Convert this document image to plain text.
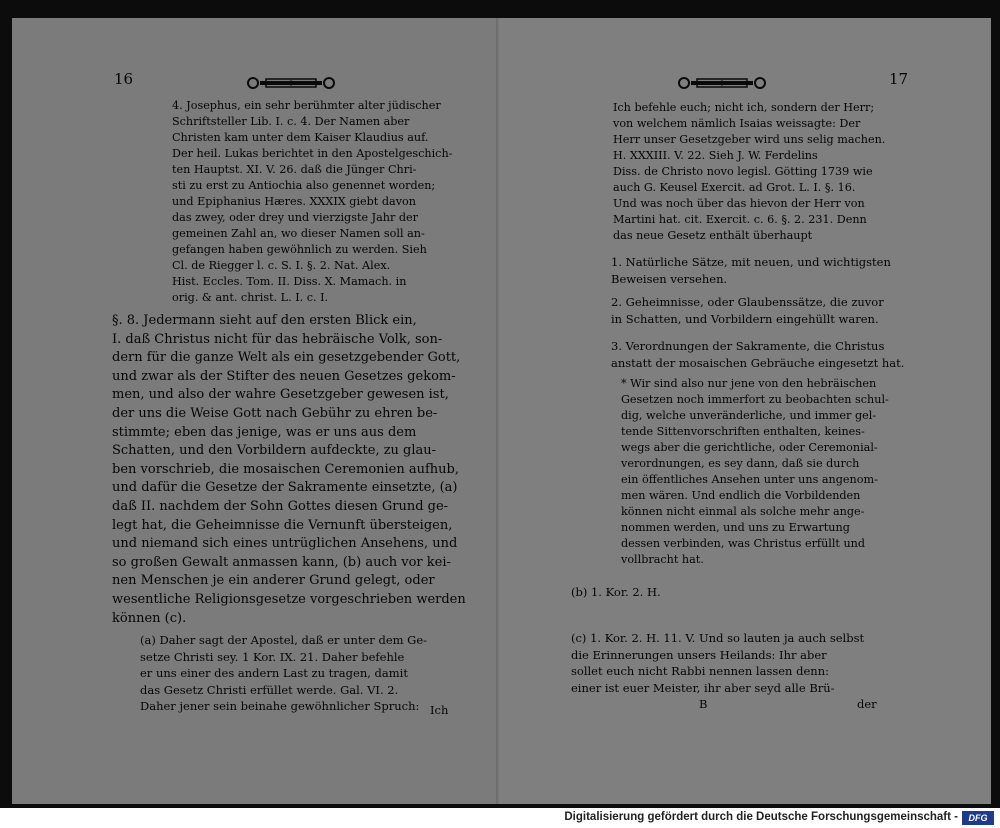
16
4. Josephus, ein sehr berühmter alter jüdischer
Schriftsteller Lib. I. c. 4. Der Namen aber
Christen kam unter dem Kaiser Klaudius auf.
Der heil. Lukas berichtet in den Apostelgeschich-
ten Hauptst. XI. V. 26. daß die Jünger Chri-
sti zu erst zu Antiochia also genennet worden;
und Epiphanius Hæres. XXXIX giebt davon
das zwey, oder drey und vierzigste Jahr der
gemeinen Zahl an, wo dieser Namen soll an-
gefangen haben gewöhnlich zu werden. Sieh
Cl. de Riegger l. c. S. I. §. 2. Nat. Alex.
Hist. Eccles. Tom. II. Diss. X. Mamach. in
orig. & ant. christ. L. I. c. I.
§. 8. Jedermann sieht auf den ersten Blick ein,
I. daß Christus nicht für das hebräische Volk, son-
dern für die ganze Welt als ein gesetzgebender Gott,
und zwar als der Stifter des neuen Gesetzes gekom-
men, und also der wahre Gesetzgeber gewesen ist,
der uns die Weise Gott nach Gebühr zu ehren be-
stimmte; eben das jenige, was er uns aus dem
Schatten, und den Vorbildern aufdeckte, zu glau-
ben vorschrieb, die mosaischen Ceremonien aufhub,
und dafür die Gesetze der Sakramente einsetzte, (a)
daß II. nachdem der Sohn Gottes diesen Grund ge-
legt hat, die Geheimnisse die Vernunft übersteigen,
und niemand sich eines untrüglichen Ansehens, und
so großen Gewalt anmassen kann, (b) auch vor kei-
nen Menschen je ein anderer Grund gelegt, oder
wesentliche Religionsgesetze vorgeschrieben werden
können (c).
(a) Daher sagt der Apostel, daß er unter dem Ge-
setze Christi sey. 1 Kor. IX. 21. Daher befehle
er uns einer des andern Last zu tragen, damit
das Gesetz Christi erfüllet werde. Gal. VI. 2.
Daher jener sein beinahe gewöhnlicher Spruch: Ich
17
Ich befehle euch; nicht ich, sondern der Herr;
von welchem nämlich Isaias weissagte: Der
Herr unser Gesetzgeber wird uns selig machen.
H. XXXIII. V. 22. Sieh J. W. Ferdelins
Diss. de Christo novo legisl. Götting 1739 wie
auch G. Keusel Exercit. ad Grot. L. I. §. 16.
Und was noch über das hievon der Herr von
Martini hat. cit. Exercit. c. 6. §. 2. 231. Denn
das neue Gesetz enthält überhaupt
1. Natürliche Sätze, mit neuen, und wichtigsten
Beweisen versehen.
2. Geheimnisse, oder Glaubenssätze, die zuvor
in Schatten, und Vorbildern eingehüllt waren.
3. Verordnungen der Sakramente, die Christus
anstatt der mosaischen Gebräuche eingesetzt hat.
* Wir sind also nur jene von den hebräischen
Gesetzen noch immerfort zu beobachten schul-
dig, welche unveränderliche, und immer gel-
tende Sittenvorschriften enthalten, keines-
wegs aber die gerichtliche, oder Ceremonial-
verordnungen, es sey dann, daß sie durch
ein öffentliches Ansehen unter uns angenom-
men wären. Und endlich die Vorbildenden
können nicht einmal als solche mehr ange-
nommen werden, und uns zu Erwartung
dessen verbinden, was Christus erfüllt und
vollbracht hat.
(b) 1. Kor. 2. H.
(c) 1. Kor. 2. H. 11. V. Und so lauten ja auch selbst
die Erinnerungen unsers Heilands: Ihr aber
sollet euch nicht Rabbi nennen lassen denn:
einer ist euer Meister, ihr aber seyd alle Brü-
B	der
Digitalisierung gefördert durch die Deutsche Forschungsgemeinschaft -	DFG
